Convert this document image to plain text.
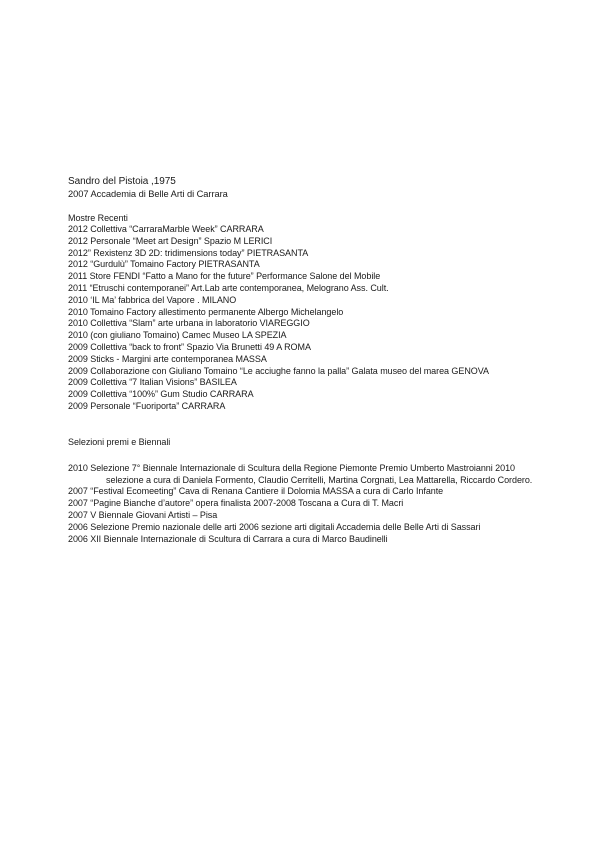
Sandro del Pistoia ,1975
2007 Accademia di Belle Arti di Carrara
Mostre Recenti
2012 Collettiva “CarraraMarble Week” CARRARA
2012 Personale “Meet art Design” Spazio M LERICI
2012” Rexistenz 3D 2D: tridimensions today” PIETRASANTA
2012 “Gurdulù” Tomaino Factory PIETRASANTA
2011 Store FENDI “Fatto a Mano for the future” Performance Salone del Mobile
2011 “Etruschi contemporanei” Art.Lab arte contemporanea, Melograno Ass. Cult.
2010 ‘IL Ma’ fabbrica del Vapore . MILANO
2010 Tomaino Factory allestimento permanente Albergo Michelangelo
2010 Collettiva “Slam” arte urbana in laboratorio VIAREGGIO
2010 (con giuliano Tomaino) Camec Museo LA SPEZIA
2009 Collettiva “back to front” Spazio Via Brunetti 49 A ROMA
2009 Sticks - Margini arte contemporanea MASSA
2009 Collaborazione con Giuliano Tomaino “Le acciughe fanno la palla” Galata museo del marea GENOVA
2009 Collettiva “7 Italian Visions” BASILEA
2009 Collettiva “100%” Gum Studio CARRARA
2009 Personale “Fuoriporta” CARRARA
Selezioni premi e Biennali
2010 Selezione 7° Biennale Internazionale di Scultura della Regione Piemonte Premio Umberto Mastroianni 2010
selezione a cura di Daniela Formento, Claudio Cerritelli, Martina Corgnati, Lea Mattarella, Riccardo Cordero.
2007 “Festival Ecomeeting” Cava di Renana Cantiere il Dolomia MASSA a cura di Carlo Infante
2007 “Pagine Bianche d’autore” opera finalista 2007-2008 Toscana a Cura di T. Macri
2007 V Biennale Giovani Artisti – Pisa
2006 Selezione Premio nazionale delle arti 2006 sezione arti digitali Accademia delle Belle Arti di Sassari
2006 XII Biennale Internazionale di Scultura di Carrara a cura di Marco Baudinelli
